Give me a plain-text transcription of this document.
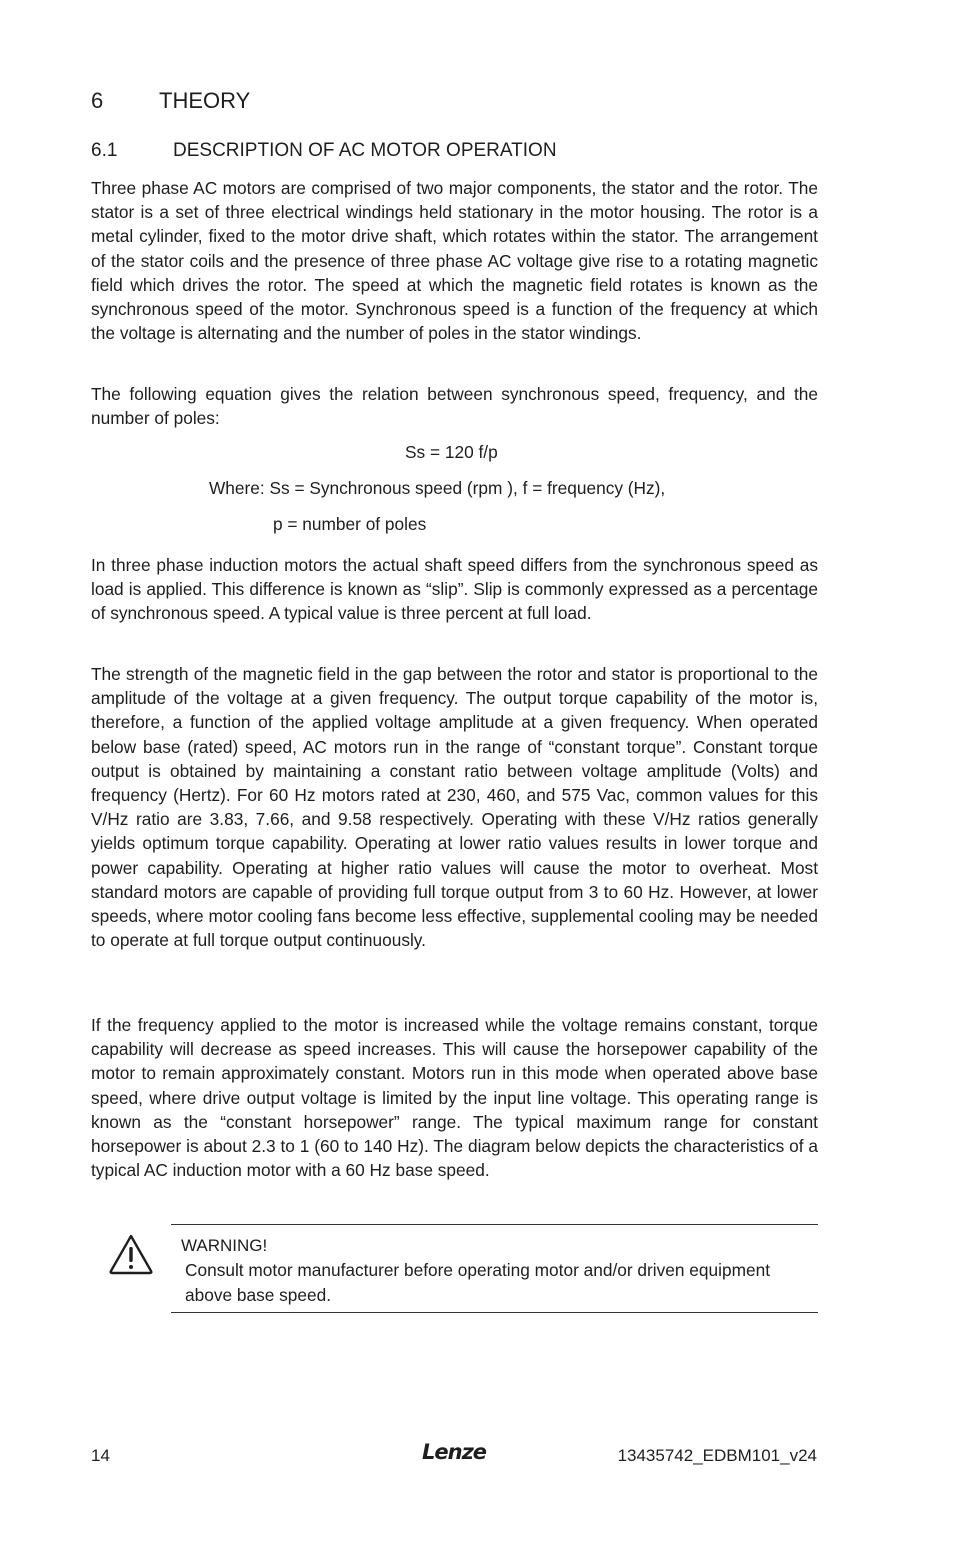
6	THEORY
6.1	DESCRIPTION OF AC MOTOR OPERATION

Three phase AC motors are comprised of two major components, the stator and the rotor. The stator is a set of three electrical windings held stationary in the motor housing. The rotor is a metal cylinder, fixed to the motor drive shaft, which rotates within the stator. The arrangement of the stator coils and the presence of three phase AC voltage give rise to a rotating magnetic field which drives the rotor. The speed at which the magnetic field rotates is known as the synchronous speed of the motor. Synchronous speed is a function of the frequency at which the voltage is alternating and the number of poles in the stator windings.

The following equation gives the relation between synchronous speed, frequency, and the number of poles:

Ss = 120 f/p
Where: Ss = Synchronous speed (rpm ), f = frequency (Hz),
p = number of poles

In three phase induction motors the actual shaft speed differs from the synchronous speed as load is applied. This difference is known as “slip”. Slip is commonly expressed as a percentage of synchronous speed. A typical value is three percent at full load.

The strength of the magnetic field in the gap between the rotor and stator is proportional to the amplitude of the voltage at a given frequency. The output torque capability of the motor is, therefore, a function of the applied voltage amplitude at a given frequency. When operated below base (rated) speed, AC motors run in the range of “constant torque”. Constant torque output is obtained by maintaining a constant ratio between voltage amplitude (Volts) and frequency (Hertz). For 60 Hz motors rated at 230, 460, and 575 Vac, common values for this V/Hz ratio are 3.83, 7.66, and 9.58 respectively. Operating with these V/Hz ratios generally yields optimum torque capability. Operating at lower ratio values results in lower torque and power capability. Operating at higher ratio values will cause the motor to overheat. Most standard motors are capable of providing full torque output from 3 to 60 Hz. However, at lower speeds, where motor cooling fans become less effective, supplemental cooling may be needed to operate at full torque output continuously.

If the frequency applied to the motor is increased while the voltage remains constant, torque capability will decrease as speed increases. This will cause the horsepower capability of the motor to remain approximately constant. Motors run in this mode when operated above base speed, where drive output voltage is limited by the input line voltage. This operating range is known as the “constant horsepower” range. The typical maximum range for constant horsepower is about 2.3 to 1 (60 to 140 Hz). The diagram below depicts the characteristics of a typical AC induction motor with a 60 Hz base speed.

WARNING!

Consult motor manufacturer before operating motor and/or driven equipment above base speed.

14	Lenze	13435742_EDBM101_v24
